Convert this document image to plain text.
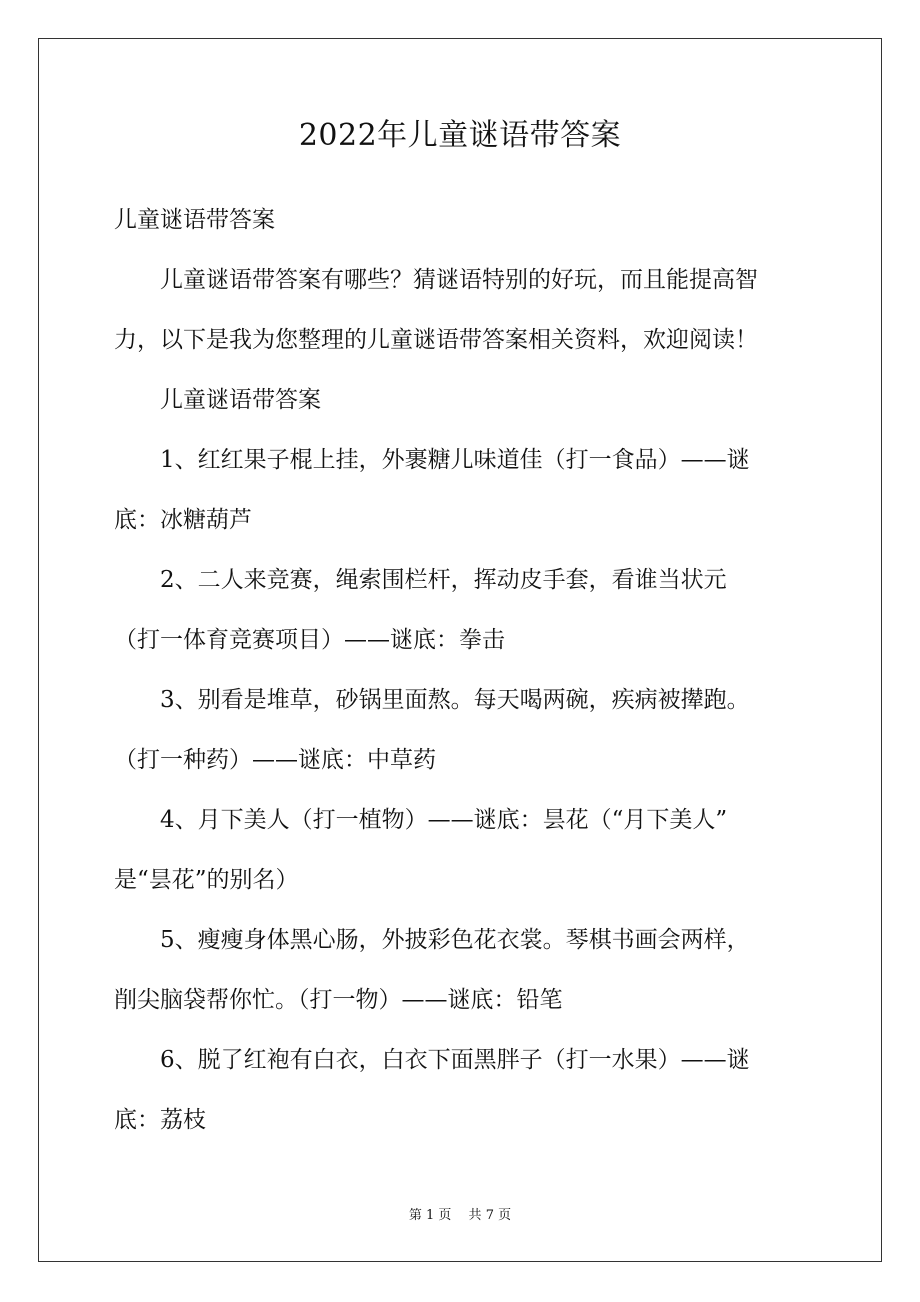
2022年儿童谜语带答案

儿童谜语带答案

儿童谜语带答案有哪些？猜谜语特别的好玩，而且能提高智

力，以下是我为您整理的儿童谜语带答案相关资料，欢迎阅读！

儿童谜语带答案

1、红红果子棍上挂，外裹糖儿味道佳（打一食品）——谜

底：冰糖葫芦

2、二人来竞赛，绳索围栏杆，挥动皮手套，看谁当状元

（打一体育竞赛项目）——谜底：拳击

3、别看是堆草，砂锅里面熬。每天喝两碗，疾病被撵跑。

（打一种药）——谜底：中草药

4、月下美人（打一植物）——谜底：昙花（“月下美人”

是“昙花”的别名）

5、瘦瘦身体黑心肠，外披彩色花衣裳。琴棋书画会两样，

削尖脑袋帮你忙。（打一物）——谜底：铅笔

6、脱了红袍有白衣，白衣下面黑胖子（打一水果）——谜

底：荔枝

第 1 页　 共 7 页
